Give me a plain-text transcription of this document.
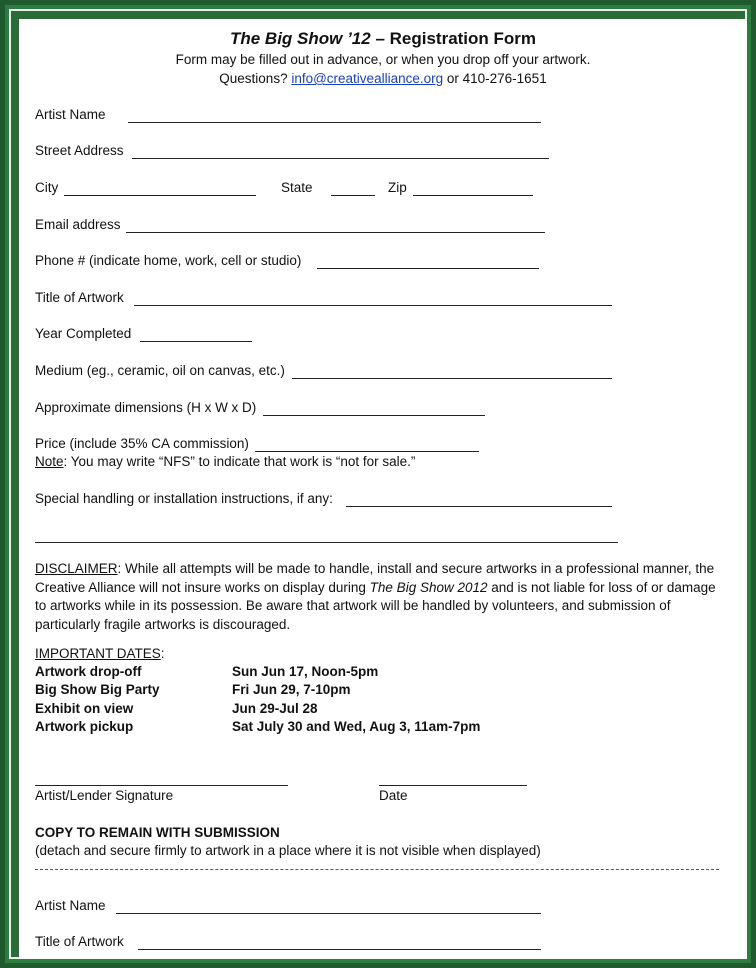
The Big Show ’12 – Registration Form
Form may be filled out in advance, or when you drop off your artwork.
Questions? info@creativealliance.org or 410-276-1651
Artist Name
Street Address
City	State	Zip
Email address
Phone # (indicate home, work, cell or studio)
Title of Artwork
Year Completed
Medium (eg., ceramic, oil on canvas, etc.)
Approximate dimensions (H x W x D)
Price (include 35% CA commission)
Note: You may write “NFS” to indicate that work is “not for sale.”
Special handling or installation instructions, if any:
DISCLAIMER: While all attempts will be made to handle, install and secure artworks in a professional manner, the Creative Alliance will not insure works on display during The Big Show 2012 and is not liable for loss of or damage to artworks while in its possession. Be aware that artwork will be handled by volunteers, and submission of particularly fragile artworks is discouraged.
IMPORTANT DATES:
Artwork drop-off	Sun Jun 17, Noon-5pm
Big Show Big Party	Fri Jun 29, 7-10pm
Exhibit on view	Jun 29-Jul 28
Artwork pickup	Sat July 30 and Wed, Aug 3, 11am-7pm
Artist/Lender Signature	Date
COPY TO REMAIN WITH SUBMISSION
(detach and secure firmly to artwork in a place where it is not visible when displayed)
Artist Name
Title of Artwork
